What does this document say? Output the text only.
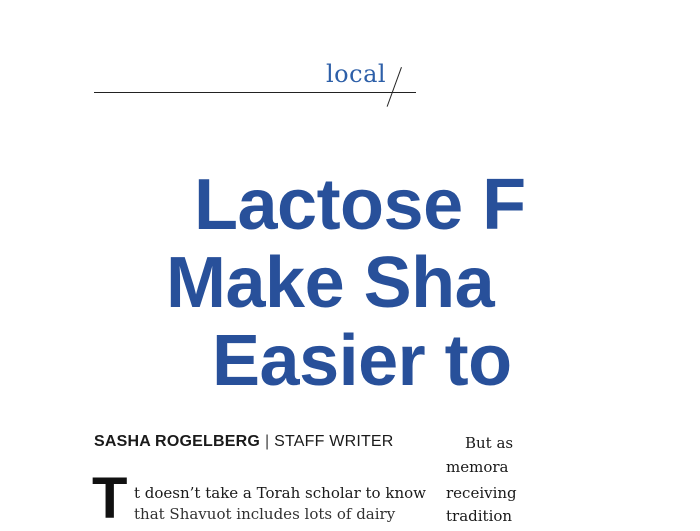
local
Lactose F
Make Sha
Easier to
SASHA ROGELBERG | STAFF WRITER
T t doesn’t take a Torah scholar to know
that Shavuot includes lots of dairy
But as
memora
receiving
tradition
